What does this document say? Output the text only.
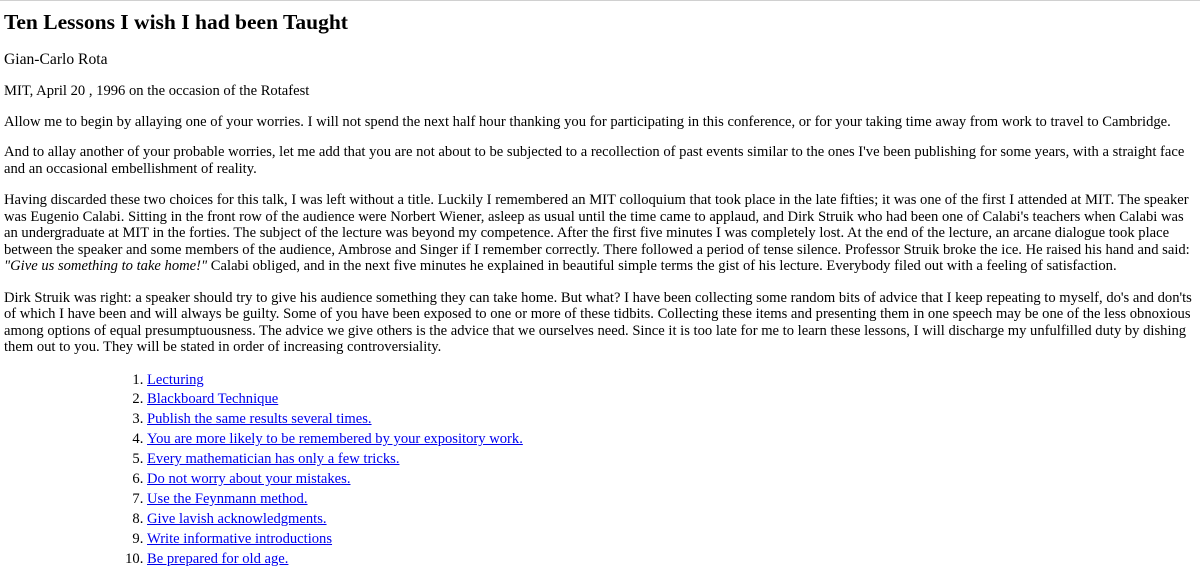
Ten Lessons I wish I had been Taught

Gian-Carlo Rota

MIT, April 20 , 1996 on the occasion of the Rotafest

Allow me to begin by allaying one of your worries. I will not spend the next half hour thanking you for participating in this conference, or for your taking time away from work to travel to Cambridge.

And to allay another of your probable worries, let me add that you are not about to be subjected to a recollection of past events similar to the ones I've been publishing for some years, with a straight face and an occasional embellishment of reality.

Having discarded these two choices for this talk, I was left without a title. Luckily I remembered an MIT colloquium that took place in the late fifties; it was one of the first I attended at MIT. The speaker was Eugenio Calabi. Sitting in the front row of the audience were Norbert Wiener, asleep as usual until the time came to applaud, and Dirk Struik who had been one of Calabi's teachers when Calabi was an undergraduate at MIT in the forties. The subject of the lecture was beyond my competence. After the first five minutes I was completely lost. At the end of the lecture, an arcane dialogue took place between the speaker and some members of the audience, Ambrose and Singer if I remember correctly. There followed a period of tense silence. Professor Struik broke the ice. He raised his hand and said: "Give us something to take home!" Calabi obliged, and in the next five minutes he explained in beautiful simple terms the gist of his lecture. Everybody filed out with a feeling of satisfaction.

Dirk Struik was right: a speaker should try to give his audience something they can take home. But what? I have been collecting some random bits of advice that I keep repeating to myself, do's and don'ts of which I have been and will always be guilty. Some of you have been exposed to one or more of these tidbits. Collecting these items and presenting them in one speech may be one of the less obnoxious among options of equal presumptuousness. The advice we give others is the advice that we ourselves need. Since it is too late for me to learn these lessons, I will discharge my unfulfilled duty by dishing them out to you. They will be stated in order of increasing controversiality.

1. Lecturing
2. Blackboard Technique
3. Publish the same results several times.
4. You are more likely to be remembered by your expository work.
5. Every mathematician has only a few tricks.
6. Do not worry about your mistakes.
7. Use the Feynmann method.
8. Give lavish acknowledgments.
9. Write informative introductions
10. Be prepared for old age.
